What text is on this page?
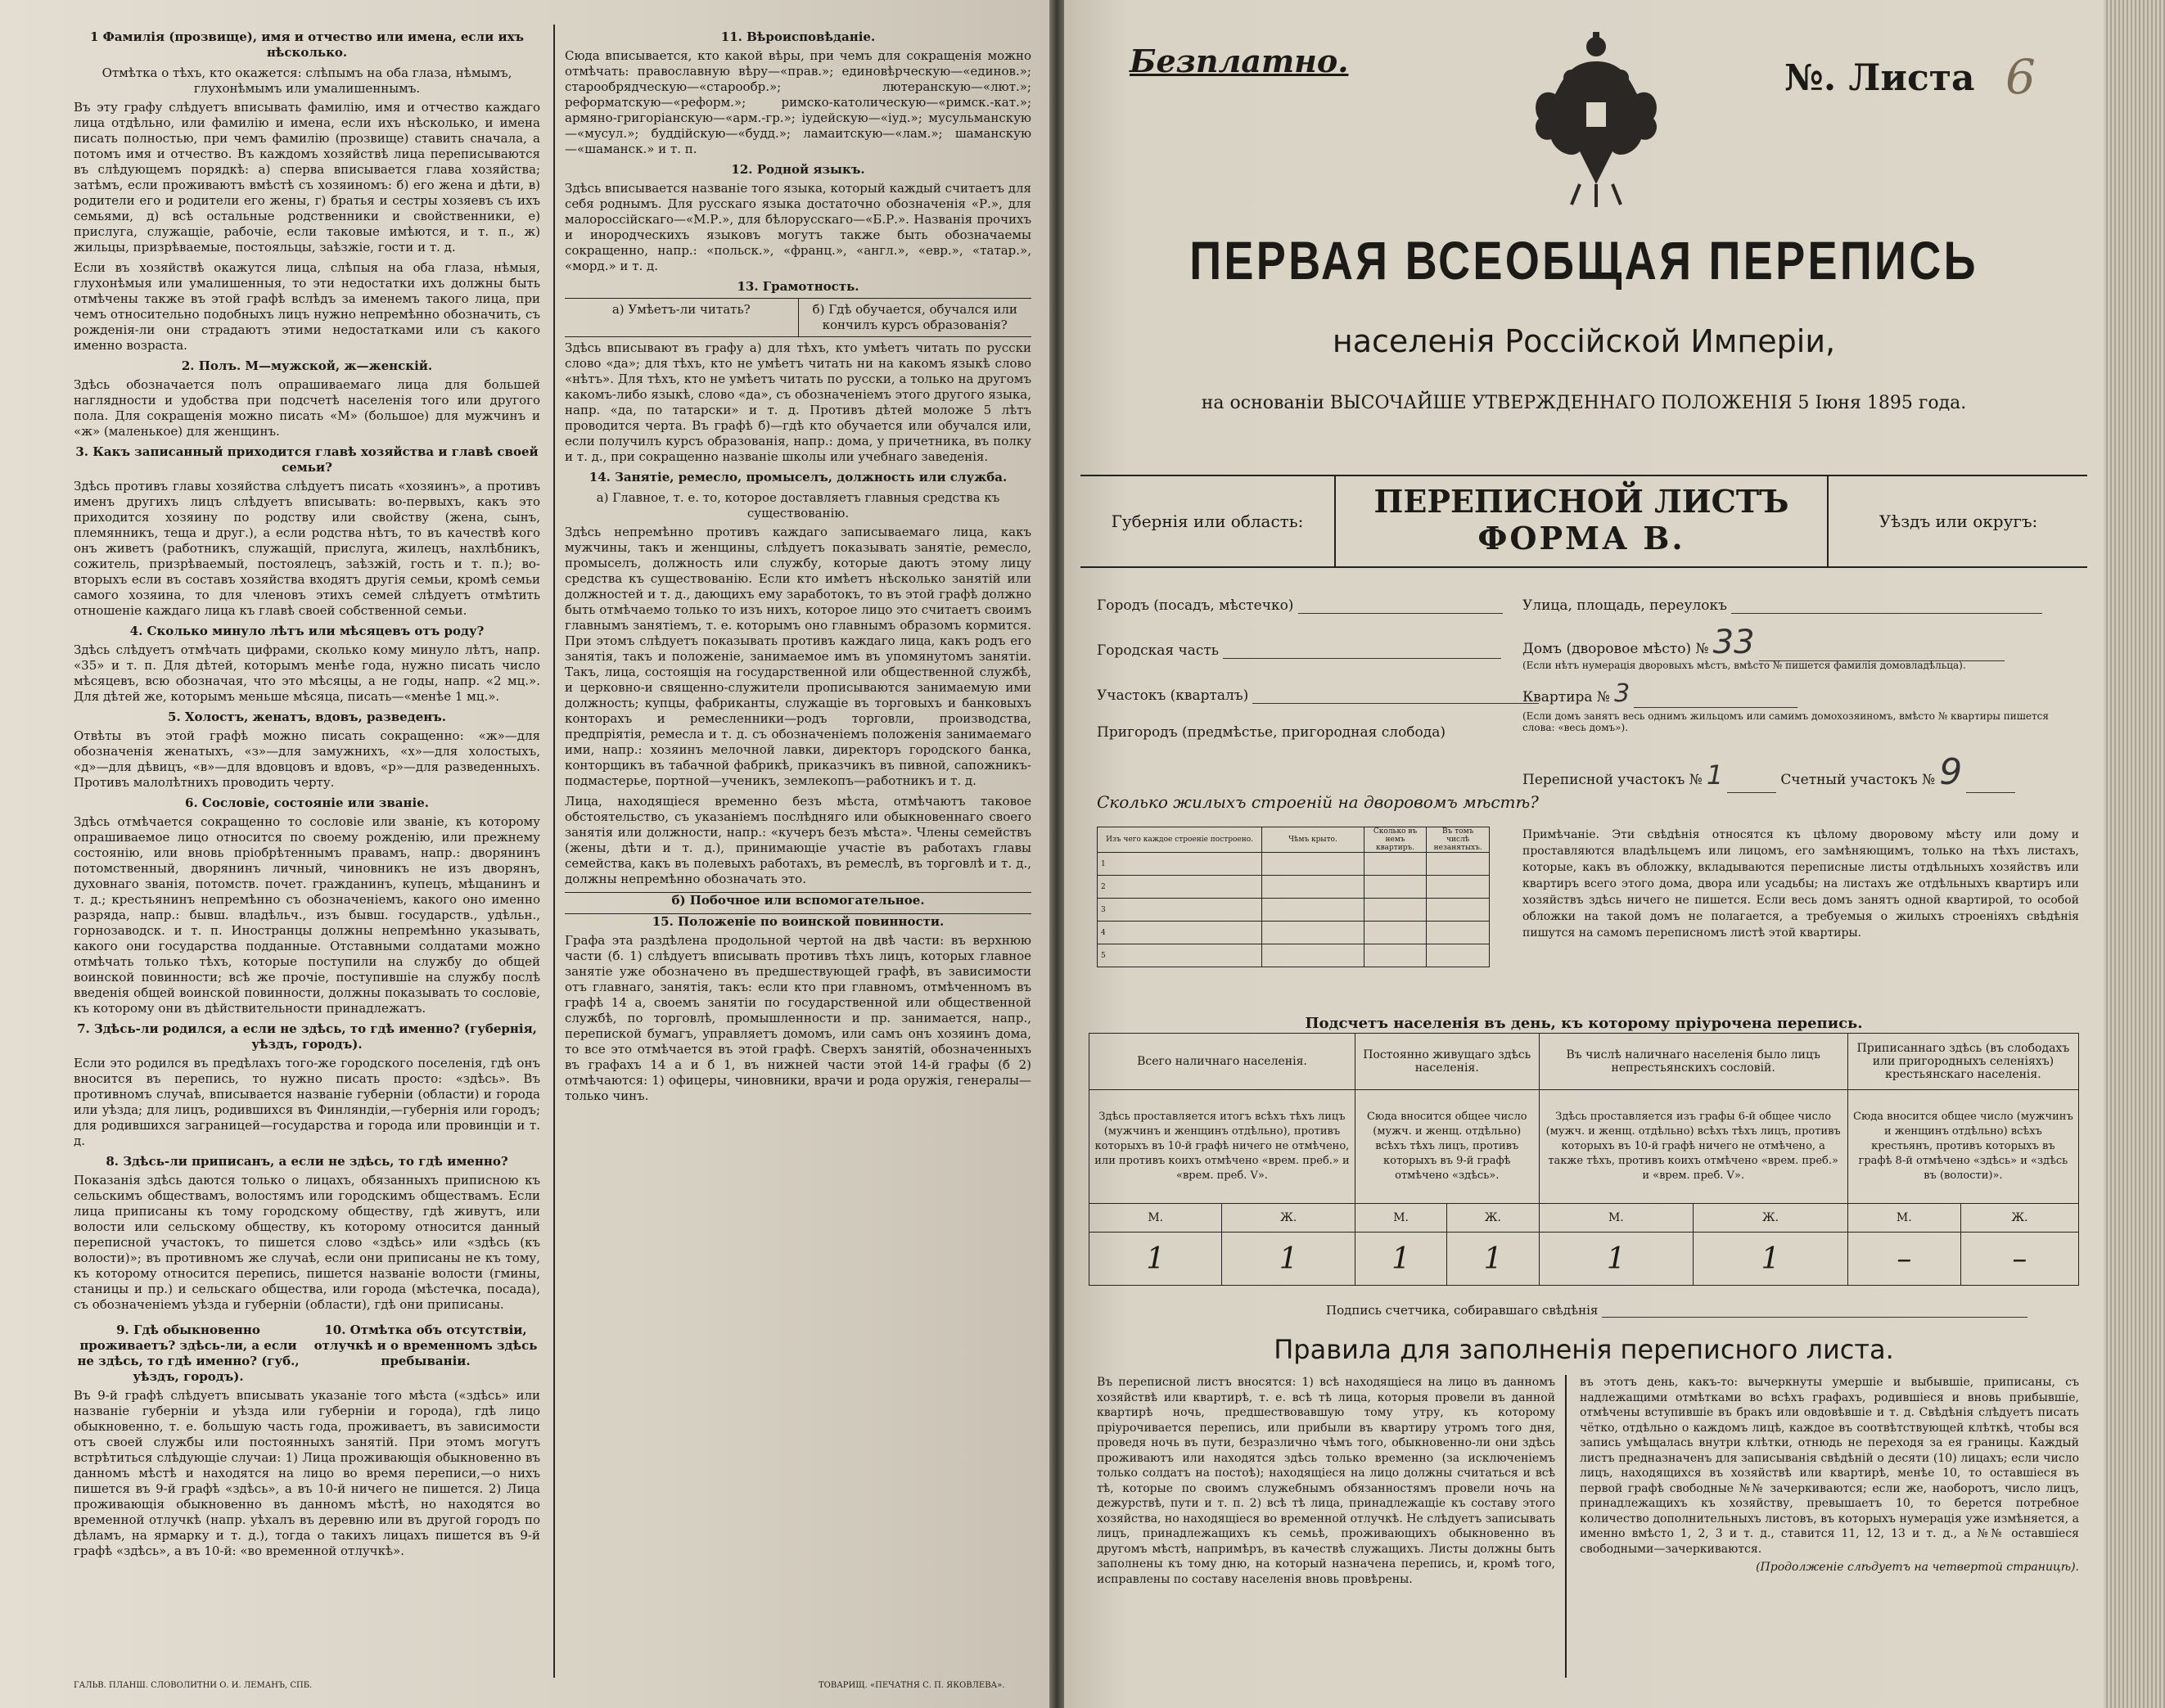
1 Фамилія (прозвище), имя и отчество или имена, если ихъ нѣсколько.
Отмѣтка о тѣхъ, кто окажется: слѣпымъ на оба глаза, нѣмымъ, глухонѣмымъ или умалишеннымъ.

Въ эту графу слѣдуетъ вписывать фамилію, имя и отчество каждаго лица отдѣльно, или фамилію и имена, если ихъ нѣсколько, и имена писать полностью, при чемъ фамилію (прозвище) ставить сначала, а потомъ имя и отчество. Въ каждомъ хозяйствѣ лица переписываются въ слѣдующемъ порядкѣ: а) сперва вписывается глава хозяйства; затѣмъ, если проживаютъ вмѣстѣ съ хозяиномъ: б) его жена и дѣти, в) родители его и родители его жены, г) братья и сестры хозяевъ съ ихъ семьями, д) всѣ остальные родственники и свойственники, е) прислуга, служащіе, рабочіе, если таковые имѣются, и т. п., ж) жильцы, призрѣваемые, постояльцы, заѣзжіе, гости и т. д.

Если въ хозяйствѣ окажутся лица, слѣпыя на оба глаза, нѣмыя, глухонѣмыя или умалишенныя, то эти недостатки ихъ должны быть отмѣчены также въ этой графѣ вслѣдъ за именемъ такого лица, при чемъ относительно подобныхъ лицъ нужно непремѣнно обозначить, съ рожденія-ли они страдаютъ этими недостатками или съ какого именно возраста.

2. Полъ. М—мужской, ж—женскій.

Здѣсь обозначается полъ опрашиваемаго лица для большей наглядности и удобства при подсчетѣ населенія того или другого пола. Для сокращенія можно писать «М» (большое) для мужчинъ и «ж» (маленькое) для женщинъ.

3. Какъ записанный приходится главѣ хозяйства и главѣ своей семьи?

Здѣсь противъ главы хозяйства слѣдуетъ писать «хозяинъ», а противъ именъ другихъ лицъ слѣдуетъ вписывать: во-первыхъ, какъ это приходится хозяину по родству или свойству (жена, сынъ, племянникъ, теща и друг.), а если родства нѣтъ, то въ качествѣ кого онъ живетъ (работникъ, служащій, прислуга, жилецъ, нахлѣбникъ, сожитель, призрѣваемый, постоялецъ, заѣзжій, гость и т. п.); во-вторыхъ если въ составъ хозяйства входятъ другія семьи, кромѣ семьи самого хозяина, то для членовъ этихъ семей слѣдуетъ отмѣтить отношеніе каждаго лица къ главѣ своей собственной семьи.

4. Сколько минуло лѣтъ или мѣсяцевъ отъ роду?

Здѣсь слѣдуетъ отмѣчать цифрами, сколько кому минуло лѣтъ, напр. «35» и т. п. Для дѣтей, которымъ менѣе года, нужно писать число мѣсяцевъ, всю обозначая, что это мѣсяцы, а не годы, напр. «2 мц.». Для дѣтей же, которымъ меньше мѣсяца, писать—«менѣе 1 мц.».

5. Холостъ, женатъ, вдовъ, разведенъ.

Отвѣты въ этой графѣ можно писать сокращенно: «ж»—для обозначенія женатыхъ, «з»—для замужнихъ, «х»—для холостыхъ, «д»—для дѣвицъ, «в»—для вдовцовъ и вдовъ, «р»—для разведенныхъ. Противъ малолѣтнихъ проводить черту.

6. Сословіе, состояніе или званіе.

Здѣсь отмѣчается сокращенно то сословіе или званіе, къ которому опрашиваемое лицо относится по своему рожденію, или прежнему состоянію, или вновь пріобрѣтеннымъ правамъ, напр.: дворянинъ потомственный, дворянинъ личный, чиновникъ не изъ дворянъ, духовнаго званія, потомств. почет. гражданинъ, купецъ, мѣщанинъ и т. д.; крестьянинъ непремѣнно съ обозначеніемъ, какого оно именно разряда, напр.: бывш. владѣльч., изъ бывш. государств., удѣльн., горнозаводск. и т. п. Иностранцы должны непремѣнно указывать, какого они государства подданные. Отставными солдатами можно отмѣчать только тѣхъ, которые поступили на службу до общей воинской повинности; всѣ же прочіе, поступившіе на службу послѣ введенія общей воинской повинности, должны показывать то сословіе, къ которому они въ дѣйствительности принадлежатъ.

7. Здѣсь-ли родился, а если не здѣсь, то гдѣ именно? (губернія, уѣздъ, городъ).

Если это родился въ предѣлахъ того-же городского поселенія, гдѣ онъ вносится въ перепись, то нужно писать просто: «здѣсь». Въ противномъ случаѣ, вписывается названіе губерніи (области) и города или уѣзда; для лицъ, родившихся въ Финляндіи,—губернія или городъ; для родившихся заграницей—государства и города или провинціи и т. д.

8. Здѣсь-ли приписанъ, а если не здѣсь, то гдѣ именно?

Показанія здѣсь даются только о лицахъ, обязанныхъ приписною къ сельскимъ обществамъ, волостямъ или городскимъ обществамъ. Если лица приписаны къ тому городскому обществу, гдѣ живутъ, или волости или сельскому обществу, къ которому относится данный переписной участокъ, то пишется слово «здѣсь» или «здѣсь (къ волости)»; въ противномъ же случаѣ, если они приписаны не къ тому, къ которому относится перепись, пишется названіе волости (гмины, станицы и пр.) и сельскаго общества, или города (мѣстечка, посада), съ обозначеніемъ уѣзда и губерніи (области), гдѣ они приписаны.

9. Гдѣ обыкновенно проживаетъ? здѣсь-ли, а если не здѣсь, то гдѣ именно? (губ., уѣздъ, городъ).
10. Отмѣтка объ отсутствіи, отлучкѣ и о временномъ здѣсь пребываніи.

Въ 9-й графѣ слѣдуетъ вписывать указаніе того мѣста («здѣсь» или названіе губерніи и уѣзда или губерніи и города), гдѣ лицо обыкновенно, т. е. большую часть года, проживаетъ, въ зависимости отъ своей службы или постоянныхъ занятій. При этомъ могутъ встрѣтиться слѣдующіе случаи: 1) Лица проживающія обыкновенно въ данномъ мѣстѣ и находятся на лицо во время переписи,—о нихъ пишется въ 9-й графѣ «здѣсь», а въ 10-й ничего не пишется. 2) Лица проживающія обыкновенно въ данномъ мѣстѣ, но находятся во временной отлучкѣ (напр. уѣхалъ въ деревню или въ другой городъ по дѣламъ, на ярмарку и т. д.), тогда о такихъ лицахъ пишется въ 9-й графѣ «здѣсь», а въ 10-й: «во временной отлучкѣ».

ГАЛЬВ. ПЛАНШ. СЛОВОЛИТНИ О. И. ЛЕМАНЪ, СПБ.
11. Вѣроисповѣданіе.

Сюда вписывается, кто какой вѣры, при чемъ для сокращенія можно отмѣчать: православную вѣру—«прав.»; единовѣрческую—«единов.»; старообрядческую—«старообр.»; лютеранскую—«лют.»; реформатскую—«реформ.»; римско-католическую—«римск.-кат.»; армяно-григоріанскую—«арм.-гр.»; іудейскую—«іуд.»; мусульманскую—«мусул.»; буддійскую—«будд.»; ламаитскую—«лам.»; шаманскую—«шаманск.» и т. п.

12. Родной языкъ.

Здѣсь вписывается названіе того языка, который каждый считаетъ для себя роднымъ. Для русскаго языка достаточно обозначенія «Р.», для малороссійскаго—«М.Р.», для бѣлорусскаго—«Б.Р.». Названія прочихъ и инородческихъ языковъ могутъ также быть обозначаемы сокращенно, напр.: «польск.», «франц.», «англ.», «евр.», «татар.», «морд.» и т. д.

13. Грамотность.
а) Умѣетъ-ли читать?	б) Гдѣ обучается, обучался или кончилъ курсъ образованія?

Здѣсь вписывают въ графу а) для тѣхъ, кто умѣетъ читать по русски слово «да»; для тѣхъ, кто не умѣетъ читать ни на какомъ языкѣ слово «нѣтъ». Для тѣхъ, кто не умѣетъ читать по русски, а только на другомъ какомъ-либо языкѣ, слово «да», съ обозначеніемъ этого другого языка, напр. «да, по татарски» и т. д. Противъ дѣтей моложе 5 лѣтъ проводится черта. Въ графѣ б)—гдѣ кто обучается или обучался или, если получилъ курсъ образованія, напр.: дома, у причетника, въ полку и т. д., при сокращенно названіе школы или учебнаго заведенія.

14. Занятіе, ремесло, промыселъ, должность или служба.
а) Главное, т. е. то, которое доставляетъ главныя средства къ существованію.

Здѣсь непремѣнно противъ каждаго записываемаго лица, какъ мужчины, такъ и женщины, слѣдуетъ показывать занятіе, ремесло, промыселъ, должность или службу, которые даютъ этому лицу средства къ существованію. Если кто имѣетъ нѣсколько занятій или должностей и т. д., дающихъ ему заработокъ, то въ этой графѣ должно быть отмѣчаемо только то изъ нихъ, которое лицо это считаетъ своимъ главнымъ занятіемъ, т. е. которымъ оно главнымъ образомъ кормится. При этомъ слѣдуетъ показывать противъ каждаго лица, какъ родъ его занятія, такъ и положеніе, занимаемое имъ въ упомянутомъ занятіи. Такъ, лица, состоящія на государственной или общественной службѣ, и церковно-и священно-служители прописываются занимаемую ими должность; купцы, фабриканты, служащіе въ торговыхъ и банковыхъ конторахъ и ремесленники—родъ торговли, производства, предпріятія, ремесла и т. д. съ обозначеніемъ положенія занимаемаго ими, напр.: хозяинъ мелочной лавки, директоръ городского банка, конторщикъ въ табачной фабрикѣ, приказчикъ въ пивной, сапожникъ-подмастерье, портной—ученикъ, землекопъ—работникъ и т. д.

Лица, находящіеся временно безъ мѣста, отмѣчаютъ таковое обстоятельство, съ указаніемъ послѣдняго или обыкновеннаго своего занятія или должности, напр.: «кучеръ безъ мѣста». Члены семействъ (жены, дѣти и т. д.), принимающіе участіе въ работахъ главы семейства, какъ въ полевыхъ работахъ, въ ремеслѣ, въ торговлѣ и т. д., должны непремѣнно обозначать это.

б) Побочное или вспомогательное.
15. Положеніе по воинской повинности.

Графа эта раздѣлена продольной чертой на двѣ части: въ верхнюю части (б. 1) слѣдуетъ вписывать противъ тѣхъ лицъ, которых главное занятіе уже обозначено въ предшествующей графѣ, въ зависимости отъ главнаго, занятія, такъ: если кто при главномъ, отмѣченномъ въ графѣ 14 а, своемъ занятіи по государственной или общественной службѣ, по торговлѣ, промышленности и пр. занимается, напр., перепиской бумагъ, управляетъ домомъ, или самъ онъ хозяинъ дома, то все это отмѣчается въ этой графѣ. Сверхъ занятій, обозначенныхъ въ графахъ 14 а и б 1, въ нижней части этой 14-й графы (б 2) отмѣчаются: 1) офицеры, чиновники, врачи и рода оружія, генералы—только чинъ.

ТОВАРИЩ. «ПЕЧАТНЯ С. П. ЯКОВЛЕВА».
Безплатно.	№. Листа 6
ПЕРВАЯ ВСЕОБЩАЯ ПЕРЕПИСЬ
населенія Россійской Имперіи,
на основаніи ВЫСОЧАЙШЕ УТВЕРЖДЕННАГО ПОЛОЖЕНІЯ 5 Іюня 1895 года.
Губернія или область:
ПЕРЕПИСНОЙ ЛИСТЪ
ФОРМА В.	Уѣздъ или округъ:
Городъ (посадъ, мѣстечко)	Улица, площадь, переулокъ
Городская часть	Домъ (дворовое мѣсто) № 33
(Если нѣтъ нумерація дворовыхъ мѣстъ, вмѣсто № пишется фамилія домовладѣльца).
Участокъ (кварталъ)	Квартира № 3
(Если домъ занятъ весь однимъ жильцомъ или самимъ домохозяиномъ, вмѣсто № квартиры пишется слова: «весь домъ»).
Пригородъ (предмѣстье, пригородная слобода)
Переписной участокъ № 1	Счетный участокъ № 9
Сколько жилыхъ строеній на дворовомъ мѣстѣ?
Изъ чего каждое строеніе построено.	Чѣмъ крыто.	Сколько въ немъ квартиръ.	Въ томъ числѣ незанятыхъ.
1			
2			
3			
4			
5			
Примѣчаніе. Эти свѣдѣнія относятся къ цѣлому дворовому мѣсту или дому и проставляются владѣльцемъ или лицомъ, его замѣняющимъ, только на тѣхъ листахъ, которые, какъ въ обложку, вкладываются переписные листы отдѣльныхъ хозяйствъ или квартиръ всего этого дома, двора или усадьбы; на листахъ же отдѣльныхъ квартиръ или хозяйствъ здѣсь ничего не пишется. Если весь домъ занятъ одной квартирой, то особой обложки на такой домъ не полагается, а требуемыя о жилыхъ строеніяхъ свѣдѣнія пишутся на самомъ переписномъ листѣ этой квартиры.
Подсчетъ населенія въ день, къ которому пріурочена перепись.
Всего наличнаго населенія.		Постоянно живущаго здѣсь населенія.		Въ числѣ наличнаго населенія было лицъ непрестьянскихъ сословій.		Приписаннаго здѣсь (въ слободахъ или пригородныхъ селеніяхъ) крестьянскаго населенія.	
Здѣсь проставляется итогъ всѣхъ тѣхъ лицъ (мужчинъ и женщинъ отдѣльно), противъ которыхъ въ 10-й графѣ ничего не отмѣчено, или противъ коихъ отмѣчено «врем. преб.» и «врем. преб. V».		Сюда вносится общее число (мужч. и женщ. отдѣльно) всѣхъ тѣхъ лицъ, противъ которыхъ въ 9-й графѣ отмѣчено «здѣсь».		Здѣсь проставляется изъ графы 6-й общее число (мужч. и женщ. отдѣльно) всѣхъ тѣхъ лицъ, противъ которыхъ въ 10-й графѣ ничего не отмѣчено, а также тѣхъ, противъ коихъ отмѣчено «врем. преб.» и «врем. преб. V».		Сюда вносится общее число (мужчинъ и женщинъ отдѣльно) всѣхъ крестьянъ, противъ которыхъ въ графѣ 8-й отмѣчено «здѣсь» и «здѣсь въ (волости)».	
М.	Ж.	М.	Ж.	М.	Ж.	М.	Ж.
1	1	1	1	1	1	–	–
Подпись счетчика, собиравшаго свѣдѣнія
Правила для заполненія переписного листа.
Въ переписной листъ вносятся: 1) всѣ находящіеся на лицо въ данномъ хозяйствѣ или квартирѣ, т. е. всѣ тѣ лица, которыя провели въ данной квартирѣ ночь, предшествовавшую тому утру, къ которому пріурочивается перепись, или прибыли въ квартиру утромъ того дня, проведя ночь въ пути, безразлично чѣмъ того, обыкновенно-ли они здѣсь проживаютъ или находятся здѣсь только временно (за исключеніемъ только солдатъ на постоѣ); находящіеся на лицо должны считаться и всѣ тѣ, которые по своимъ служебнымъ обязанностямъ провели ночь на дежурствѣ, пути и т. п. 2) всѣ тѣ лица, принадлежащіе къ составу этого хозяйства, но находящіеся во временной отлучкѣ. Не слѣдуетъ записывать лицъ, принадлежащихъ къ семьѣ, проживающихъ обыкновенно въ другомъ мѣстѣ, напримѣръ, въ качествѣ служащихъ. Листы должны быть заполнены къ тому дню, на который назначена перепись, и, кромѣ того, исправлены по составу населенія вновь провѣрены.
въ этотъ день, какъ-то: вычеркнуты умершіе и выбывшіе, приписаны, съ надлежащими отмѣтками во всѣхъ графахъ, родившіеся и вновь прибывшіе, отмѣчены вступившіе въ бракъ или овдовѣвшіе и т. д. Свѣдѣнія слѣдуетъ писать чётко, отдѣльно о каждомъ лицѣ, каждое въ соотвѣтствующей клѣткѣ, чтобы вся запись умѣщалась внутри клѣтки, отнюдь не переходя за ея границы. Каждый листъ предназначенъ для записыванія свѣдѣній о десяти (10) лицахъ; если число лицъ, находящихся въ хозяйствѣ или квартирѣ, менѣе 10, то оставшіеся въ первой графѣ свободные №№ зачеркиваются; если же, наоборотъ, число лицъ, принадлежащихъ къ хозяйству, превышаетъ 10, то берется потребное количество дополнительныхъ листовъ, въ которыхъ нумерація уже измѣняется, а именно вмѣсто 1, 2, 3 и т. д., ставится 11, 12, 13 и т. д., а №№ оставшіеся свободными—зачеркиваются.
(Продолженіе слѣдуетъ на четвертой страницѣ).
